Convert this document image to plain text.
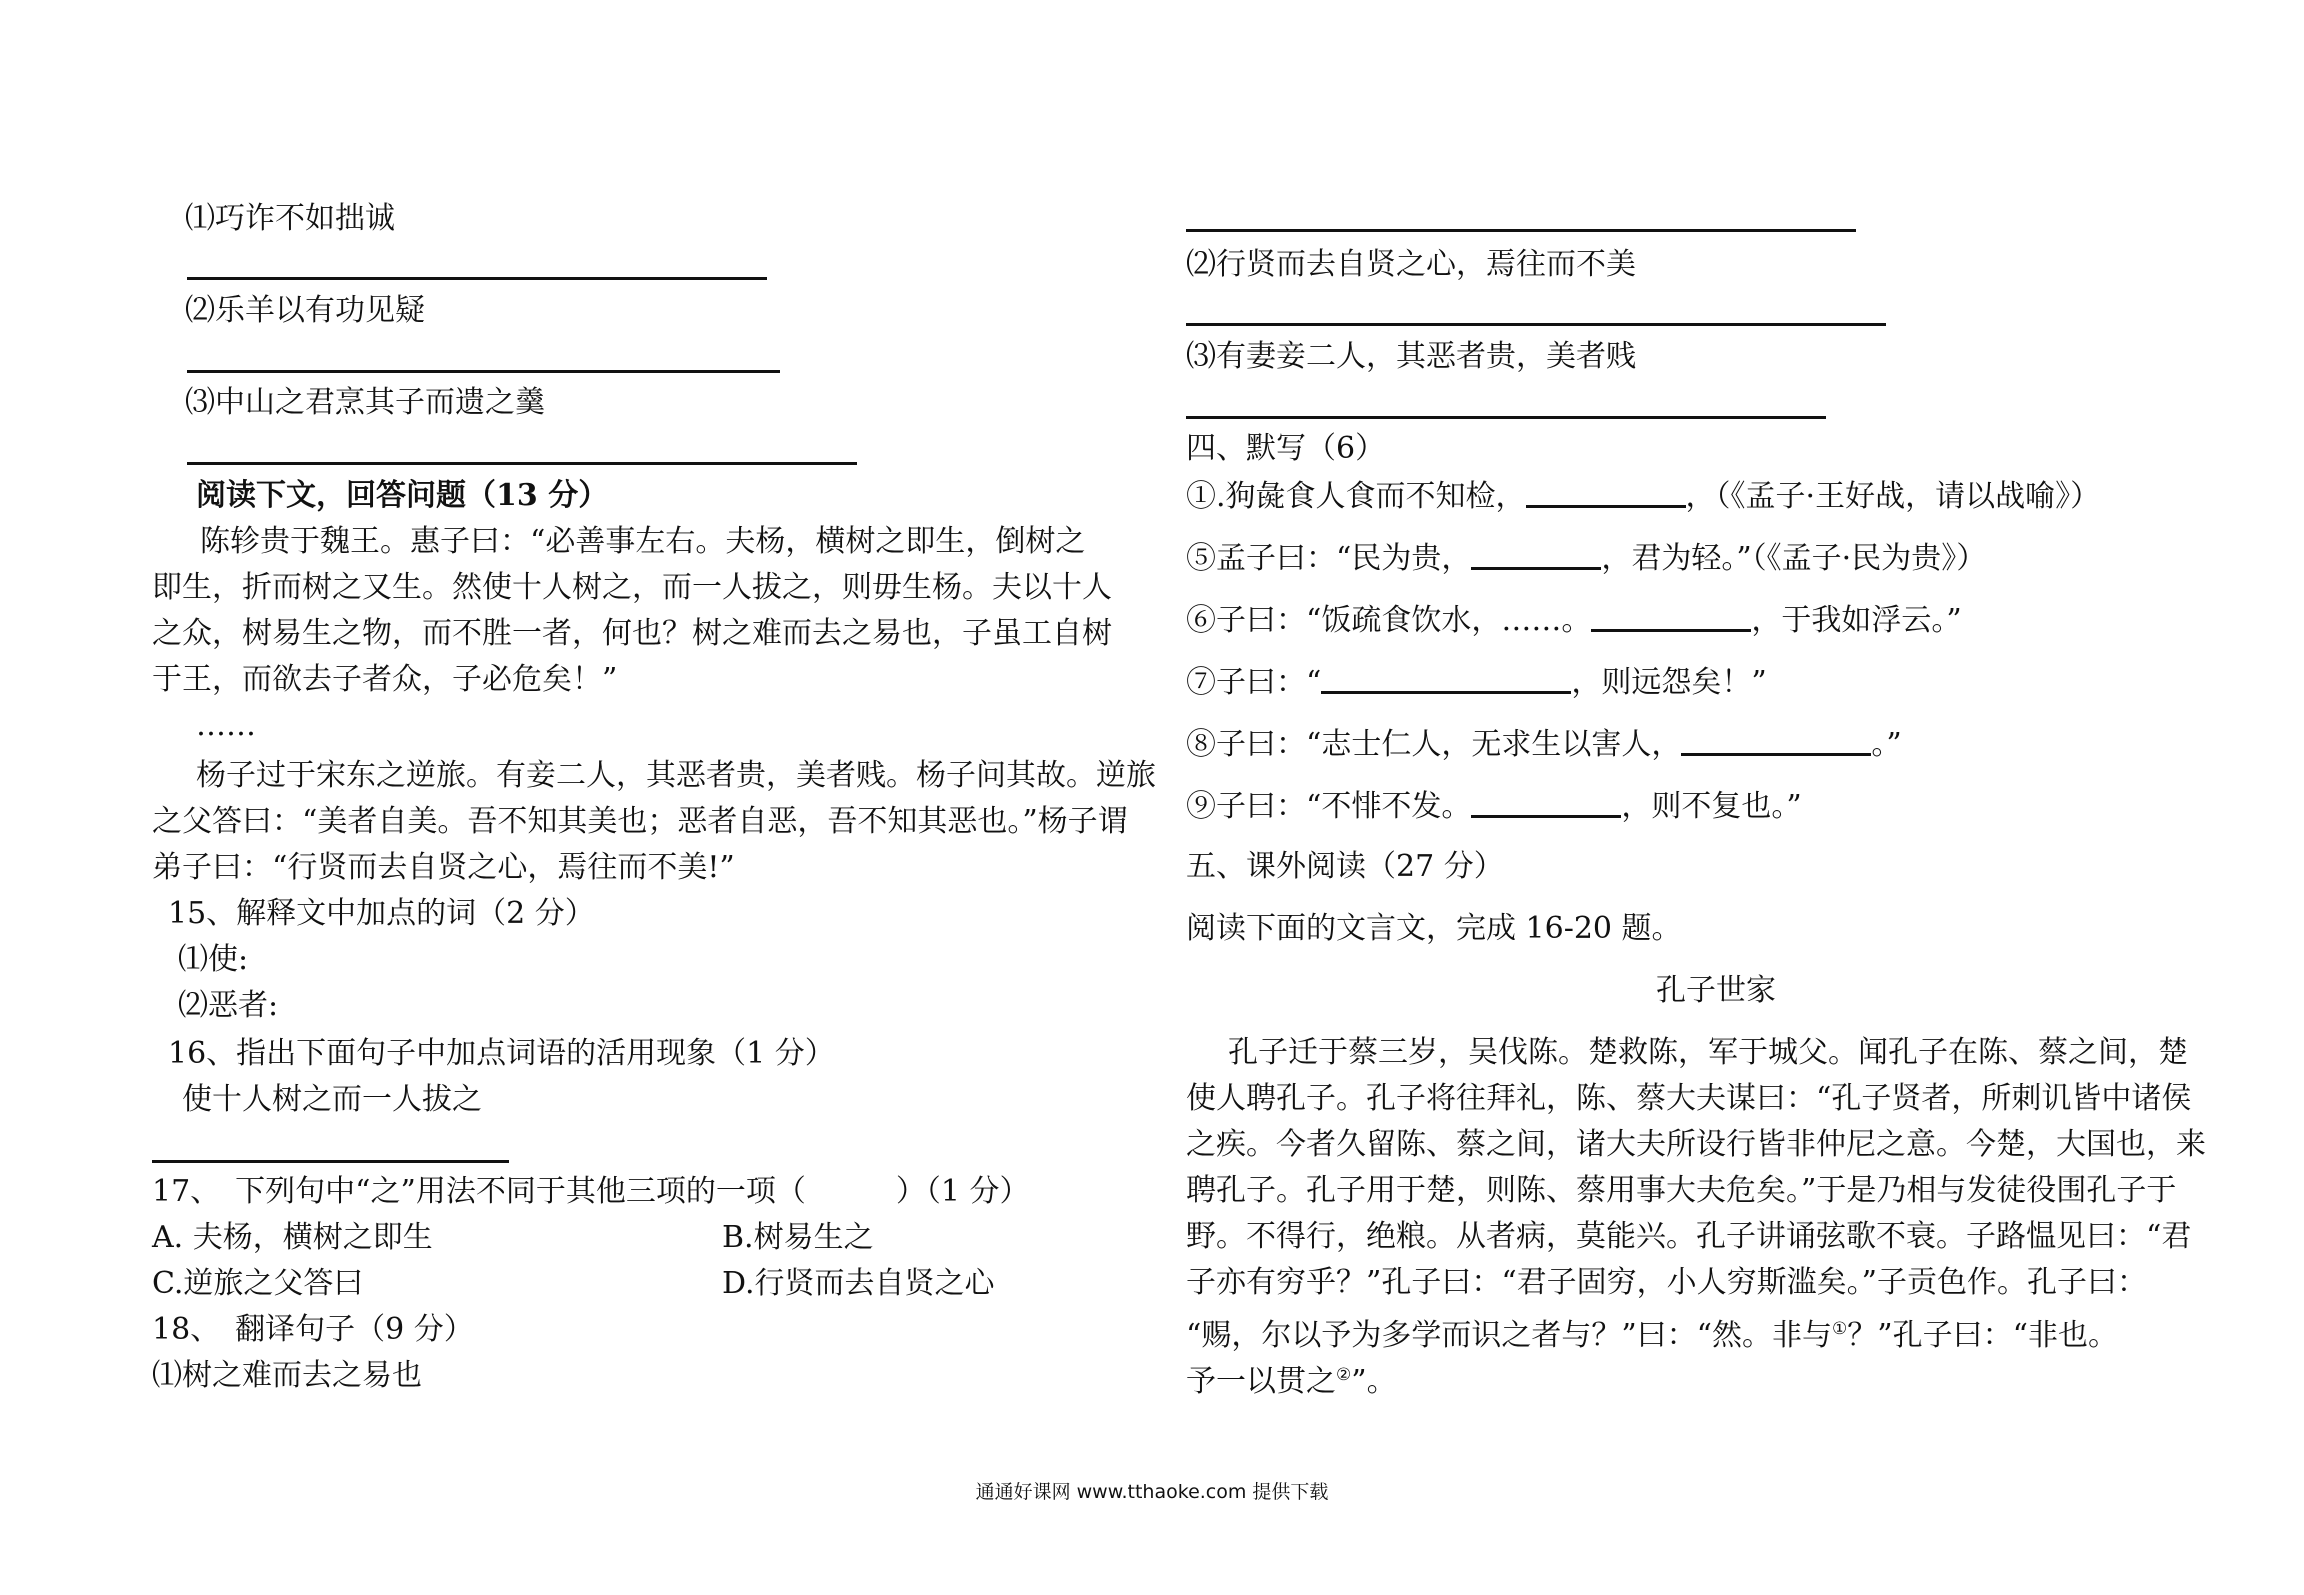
⑴巧诈不如拙诚
⑵乐羊以有功见疑
⑶中山之君烹其子而遗之羹
阅读下文，回答问题（13 分）
陈轸贵于魏王。惠子曰：“必善事左右。夫杨，横树之即生，倒树之
即生，折而树之又生。然使十人树之，而一人拔之，则毋生杨。夫以十人
之众，树易生之物，而不胜一者，何也？树之难而去之易也，子虽工自树
于王，而欲去子者众，子必危矣！”
……
杨子过于宋东之逆旅。有妾二人，其恶者贵，美者贱。杨子问其故。逆旅
之父答曰：“美者自美。吾不知其美也；恶者自恶，吾不知其恶也。”杨子谓
弟子曰：“行贤而去自贤之心，焉往而不美!”
15、解释文中加点的词（2 分）
⑴使:
⑵恶者:
16、指出下面句子中加点词语的活用现象（1 分）
使十人树之而一人拔之
17、　下列句中“之”用法不同于其他三项的一项（　　　）（1 分）
A. 夫杨，横树之即生	B.树易生之
C.逆旅之父答曰	D.行贤而去自贤之心
18、　翻译句子（9 分）
⑴树之难而去之易也
⑵行贤而去自贤之心，焉往而不美
⑶有妻妾二人，其恶者贵，美者贱
四、默写（6）
①.狗彘食人食而不知检，	，（《孟子·王好战，请以战喻》）
⑤孟子曰：“民为贵，	，君为轻。”（《孟子·民为贵》）
⑥子曰：“饭疏食饮水，……。	，于我如浮云。”
⑦子曰：“	，则远怨矣！”
⑧子曰：“志士仁人，无求生以害人，	。”
⑨子曰：“不悱不发。	，则不复也。”
五、课外阅读（27 分）
阅读下面的文言文，完成 16-20 题。
孔子世家
孔子迁于蔡三岁，吴伐陈。楚救陈，军于城父。闻孔子在陈、蔡之间，楚
使人聘孔子。孔子将往拜礼，陈、蔡大夫谋曰：“孔子贤者，所刺讥皆中诸侯
之疾。今者久留陈、蔡之间，诸大夫所设行皆非仲尼之意。今楚，大国也，来
聘孔子。孔子用于楚，则陈、蔡用事大夫危矣。”于是乃相与发徒役围孔子于
野。不得行，绝粮。从者病，莫能兴。孔子讲诵弦歌不衰。子路愠见曰：“君
子亦有穷乎？”孔子曰：“君子固穷，小人穷斯滥矣。”子贡色作。孔子曰：
“赐，尔以予为多学而识之者与？”曰：“然。非与①？”孔子曰：“非也。
予一以贯之②”。
通通好课网 www.tthaoke.com 提供下载
